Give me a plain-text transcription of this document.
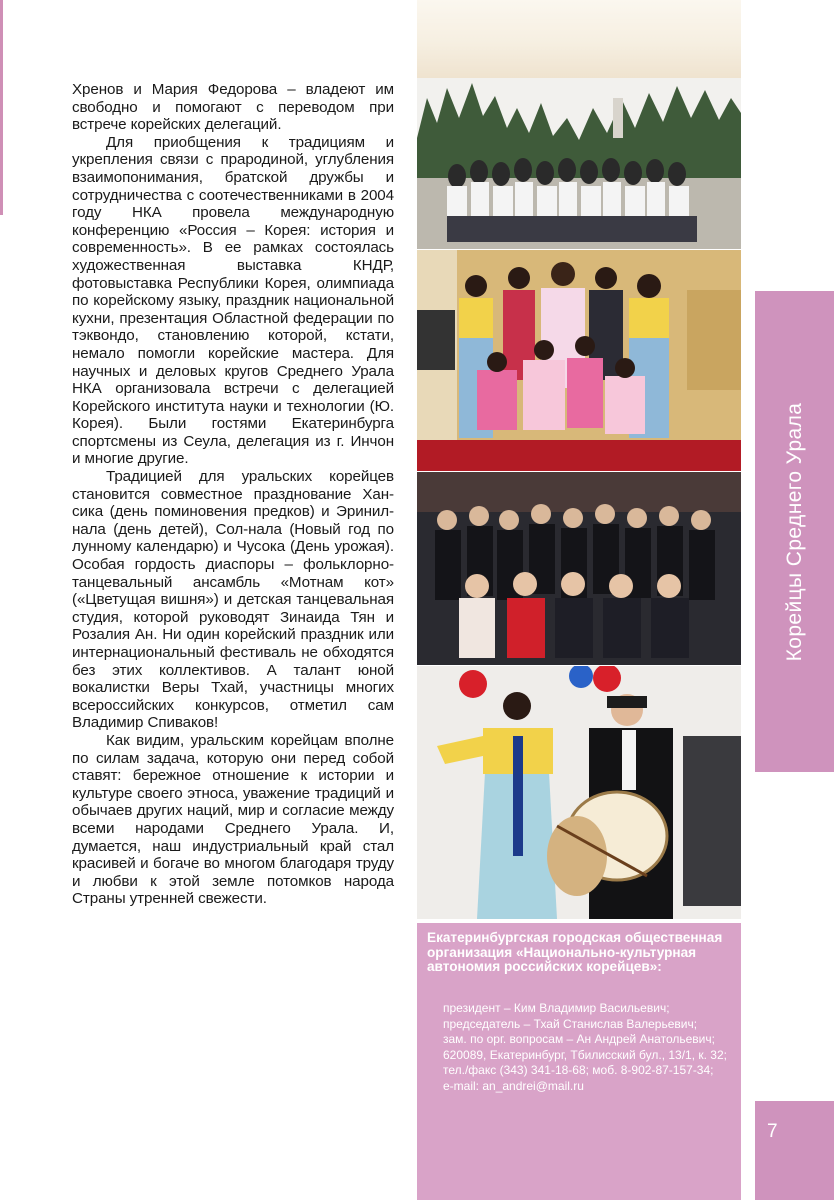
Хренов и Мария Федорова – владеют им свободно и помогают с переводом при встрече корейских делегаций.

Для приобщения к традициям и укрепления связи с прародиной, углубления взаимопонимания, братской дружбы и сотрудничества с соотечественниками в 2004 году НКА провела международную конференцию «Россия – Корея: история и современность». В ее рамках состоялась художественная выставка КНДР, фотовыставка Республики Корея, олимпиада по корейскому языку, праздник национальной кухни, презентация Областной федерации по тэквондо, становлению которой, кстати, немало помогли корейские мастера. Для научных и деловых кругов Среднего Урала НКА организовала встречи с делегацией Корейского института науки и технологии (Ю. Корея). Были гостями Екатеринбурга спортсмены из Сеула, делегация из г. Инчон и многие другие.

Традицией для уральских корейцев становится совместное празднование Хан-сика (день поминовения предков) и Эринил-нала (день детей), Сол-нала (Новый год по лунному календарю) и Чусока (День урожая). Особая гордость диаспоры – фольклорно-танцевальный ансамбль «Мотнам кот» («Цветущая вишня») и детская танцевальная студия, которой руководят Зинаида Тян и Розалия Ан. Ни один корейский праздник или интернациональный фестиваль не обходятся без этих коллективов. А талант юной вокалистки Веры Тхай, участницы многих всероссийских конкурсов, отметил сам Владимир Спиваков!

Как видим, уральским корейцам вполне по силам задача, которую они перед собой ставят: бережное отношение к истории и культуре своего этноса, уважение традиций и обычаев других наций, мир и согласие между всеми народами Среднего Урала. И, думается, наш индустриальный край стал красивей и богаче во многом благодаря труду и любви к этой земле потомков народа Страны утренней свежести.

Корейцы Среднего Урала
Екатеринбургская городская общественная организация «Национально-культурная автономия российских корейцев»:
президент – Ким Владимир Васильевич;
председатель – Тхай Станислав Валерьевич;
зам. по орг. вопросам – Ан Андрей Анатольевич;
620089, Екатеринбург, Тбилисский бул., 13/1, к. 32;
тел./факс (343) 341-18-68; моб. 8-902-87-157-34;
e-mail: an_andrei@mail.ru
7
